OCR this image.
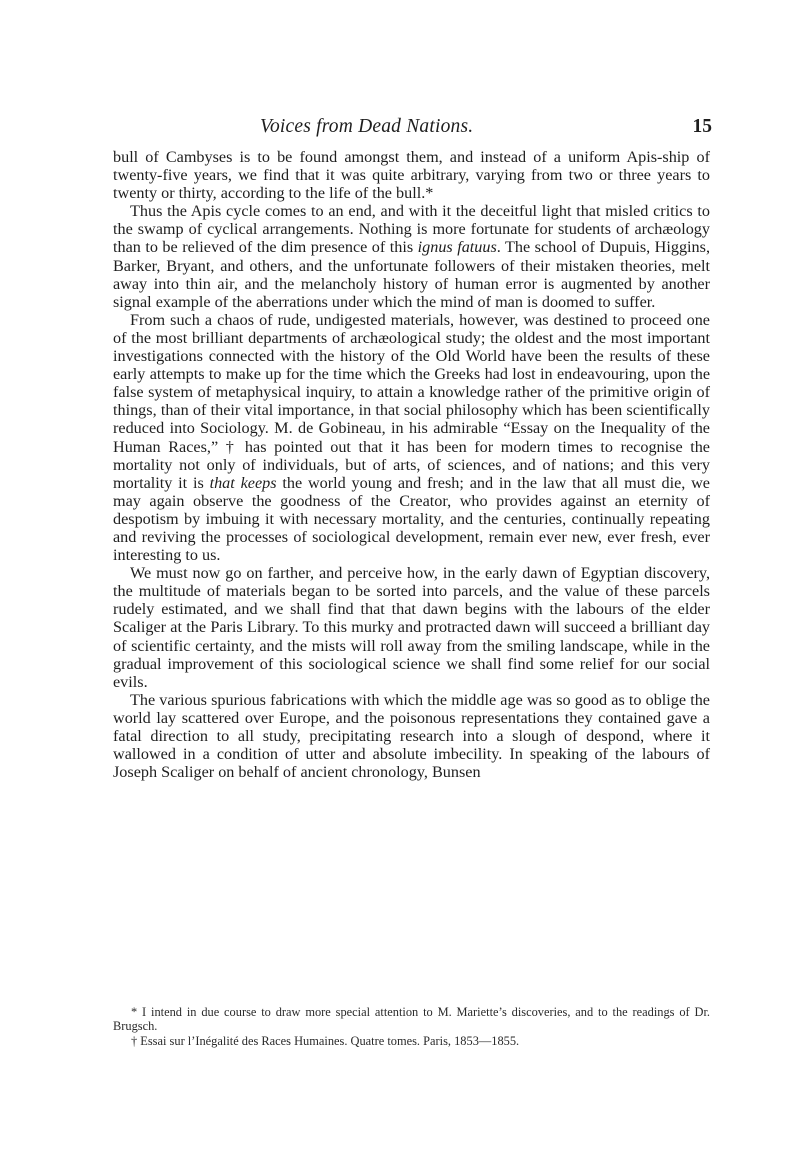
Voices from Dead Nations.	15

bull of Cambyses is to be found amongst them, and instead of a uniform Apis-ship of twenty-five years, we find that it was quite arbitrary, varying from two or three years to twenty or thirty, according to the life of the bull.*

Thus the Apis cycle comes to an end, and with it the deceitful light that misled critics to the swamp of cyclical arrangements. Nothing is more fortunate for students of archæology than to be relieved of the dim presence of this ignus fatuus. The school of Dupuis, Higgins, Barker, Bryant, and others, and the unfortunate followers of their mistaken theories, melt away into thin air, and the melancholy history of human error is augmented by another signal example of the aberrations under which the mind of man is doomed to suffer.

From such a chaos of rude, undigested materials, however, was destined to proceed one of the most brilliant departments of archæological study; the oldest and the most important investigations connected with the history of the Old World have been the results of these early attempts to make up for the time which the Greeks had lost in endeavouring, upon the false system of metaphysical inquiry, to attain a knowledge rather of the primitive origin of things, than of their vital importance, in that social philosophy which has been scientifically reduced into Sociology. M. de Gobineau, in his admirable “Essay on the Inequality of the Human Races,” † has pointed out that it has been for modern times to recognise the mortality not only of individuals, but of arts, of sciences, and of nations; and this very mortality it is that keeps the world young and fresh; and in the law that all must die, we may again observe the goodness of the Creator, who provides against an eternity of despotism by imbuing it with necessary mortality, and the centuries, continually repeating and reviving the processes of sociological development, remain ever new, ever fresh, ever interesting to us.

We must now go on farther, and perceive how, in the early dawn of Egyptian discovery, the multitude of materials began to be sorted into parcels, and the value of these parcels rudely estimated, and we shall find that that dawn begins with the labours of the elder Scaliger at the Paris Library. To this murky and protracted dawn will succeed a brilliant day of scientific certainty, and the mists will roll away from the smiling landscape, while in the gradual improvement of this sociological science we shall find some relief for our social evils.

The various spurious fabrications with which the middle age was so good as to oblige the world lay scattered over Europe, and the poisonous representations they contained gave a fatal direction to all study, precipitating research into a slough of despond, where it wallowed in a condition of utter and absolute imbecility. In speaking of the labours of Joseph Scaliger on behalf of ancient chronology, Bunsen

* I intend in due course to draw more special attention to M. Mariette’s discoveries, and to the readings of Dr. Brugsch.

† Essai sur l’Inégalité des Races Humaines. Quatre tomes. Paris, 1853—1855.
